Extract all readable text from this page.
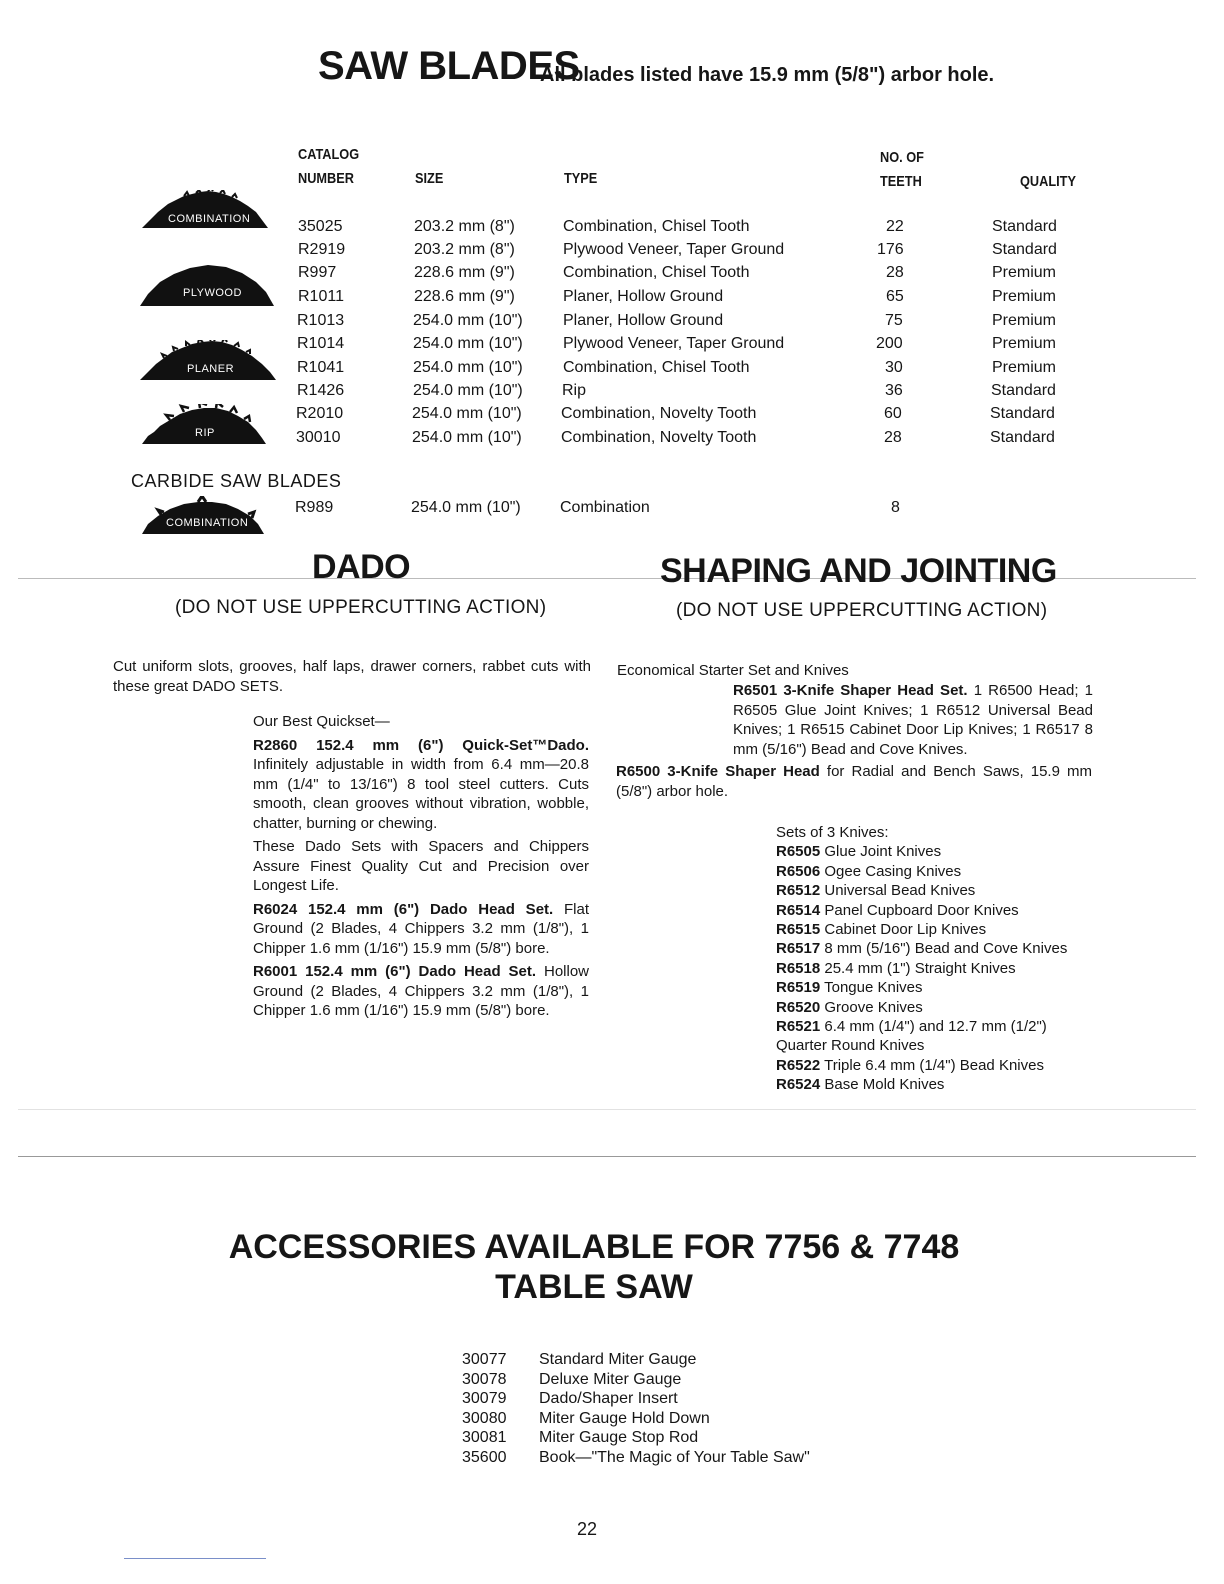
SAW BLADES
All blades listed have 15.9 mm (5/8") arbor hole.
CATALOG
NUMBER	SIZE	TYPE
NO. OF
TEETH	QUALITY
COMBINATION
PLYWOOD
PLANER
RIP
35025	203.2 mm (8")	Combination, Chisel Tooth	22	Standard
R2919	203.2 mm (8")	Plywood Veneer, Taper Ground	176	Standard
R997	228.6 mm (9")	Combination, Chisel Tooth	28	Premium
R1011	228.6 mm (9")	Planer, Hollow Ground	65	Premium
R1013	254.0 mm (10")	Planer, Hollow Ground	75	Premium
R1014	254.0 mm (10")	Plywood Veneer, Taper Ground	200	Premium
R1041	254.0 mm (10")	Combination, Chisel Tooth	30	Premium
R1426	254.0 mm (10") Rip	36	Standard
R2010	254.0 mm (10") Combination, Novelty Tooth	60	Standard
30010	254.0 mm (10") Combination, Novelty Tooth	28	Standard
CARBIDE SAW BLADES
COMBINATION
R989	254.0 mm (10") Combination	8
DADO
(DO NOT USE UPPERCUTTING ACTION)

Cut uniform slots, grooves, half laps, drawer corners, rabbet cuts with these great DADO SETS.

Our Best Quickset—

R2860 152.4 mm (6") Quick-Set™Dado. Infinitely adjustable in width from 6.4 mm—20.8 mm (1/4" to 13/16") 8 tool steel cutters. Cuts smooth, clean grooves without vibration, wobble, chatter, burning or chewing.

These Dado Sets with Spacers and Chippers Assure Finest Quality Cut and Precision over Longest Life.

R6024 152.4 mm (6") Dado Head Set. Flat Ground (2 Blades, 4 Chippers 3.2 mm (1/8"), 1 Chipper 1.6 mm (1/16") 15.9 mm (5/8") bore.

R6001 152.4 mm (6") Dado Head Set. Hollow Ground (2 Blades, 4 Chippers 3.2 mm (1/8"), 1 Chipper 1.6 mm (1/16") 15.9 mm (5/8") bore.

SHAPING AND JOINTING
(DO NOT USE UPPERCUTTING ACTION)

Economical Starter Set and Knives

R6501 3-Knife Shaper Head Set. 1 R6500 Head; 1 R6505 Glue Joint Knives; 1 R6512 Universal Bead Knives; 1 R6515 Cabinet Door Lip Knives; 1 R6517 8 mm (5/16") Bead and Cove Knives.

R6500 3-Knife Shaper Head for Radial and Bench Saws, 15.9 mm (5/8") arbor hole.

Sets of 3 Knives:
R6505 Glue Joint Knives
R6506 Ogee Casing Knives
R6512 Universal Bead Knives
R6514 Panel Cupboard Door Knives
R6515 Cabinet Door Lip Knives
R6517 8 mm (5/16") Bead and Cove Knives
R6518 25.4 mm (1") Straight Knives
R6519 Tongue Knives
R6520 Groove Knives
R6521 6.4 mm (1/4") and 12.7 mm (1/2")
Quarter Round Knives
R6522 Triple 6.4 mm (1/4") Bead Knives
R6524 Base Mold Knives
ACCESSORIES AVAILABLE FOR 7756 & 7748
TABLE SAW
30077 Standard Miter Gauge
30078 Deluxe Miter Gauge
30079 Dado/Shaper Insert
30080 Miter Gauge Hold Down
30081 Miter Gauge Stop Rod
35600 Book—"The Magic of Your Table Saw"
22
